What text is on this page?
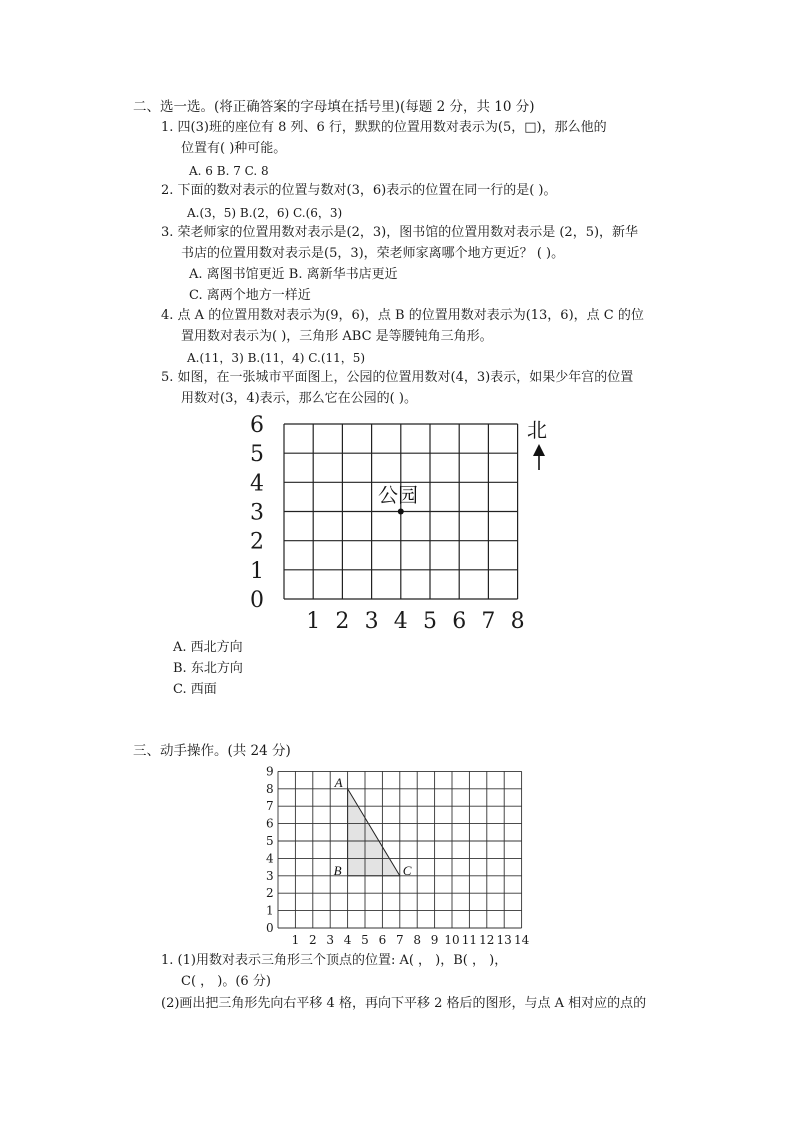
二、选一选。(将正确答案的字母填在括号里)(每题 2 分，共 10 分)
1. 四(3)班的座位有 8 列、6 行，默默的位置用数对表示为(5，□)，那么他的
位置有( )种可能。
A. 6 B. 7 C. 8
2. 下面的数对表示的位置与数对(3，6)表示的位置在同一行的是( )。
A.(3，5) B.(2，6) C.(6，3)
3. 荣老师家的位置用数对表示是(2，3)，图书馆的位置用数对表示是 (2，5)，新华
书店的位置用数对表示是(5，3)，荣老师家离哪个地方更近？ ( )。
A. 离图书馆更近 B. 离新华书店更近
C. 离两个地方一样近
4. 点 A 的位置用数对表示为(9，6)，点 B 的位置用数对表示为(13，6)，点 C 的位
置用数对表示为( )，三角形 ABC 是等腰钝角三角形。
A.(11，3) B.(11，4) C.(11，5)
5. 如图，在一张城市平面图上，公园的位置用数对(4，3)表示，如果少年宫的位置
用数对(3，4)表示，那么它在公园的( )。
6
5
4
3
2
1
0
1 2 3 4 5 6 7 8
北
公园
A. 西北方向
B. 东北方向
C. 西面
三、动手操作。(共 24 分)
9
8
7
6
5
4
3
2
1
0
1 2 3 4 5 6 7 8 9 10 11 12 13 14
A
B	C
1. (1)用数对表示三角形三个顶点的位置: A( ， )，B( ， )，
C( ， )。(6 分)
(2)画出把三角形先向右平移 4 格，再向下平移 2 格后的图形，与点 A 相对应的点的
